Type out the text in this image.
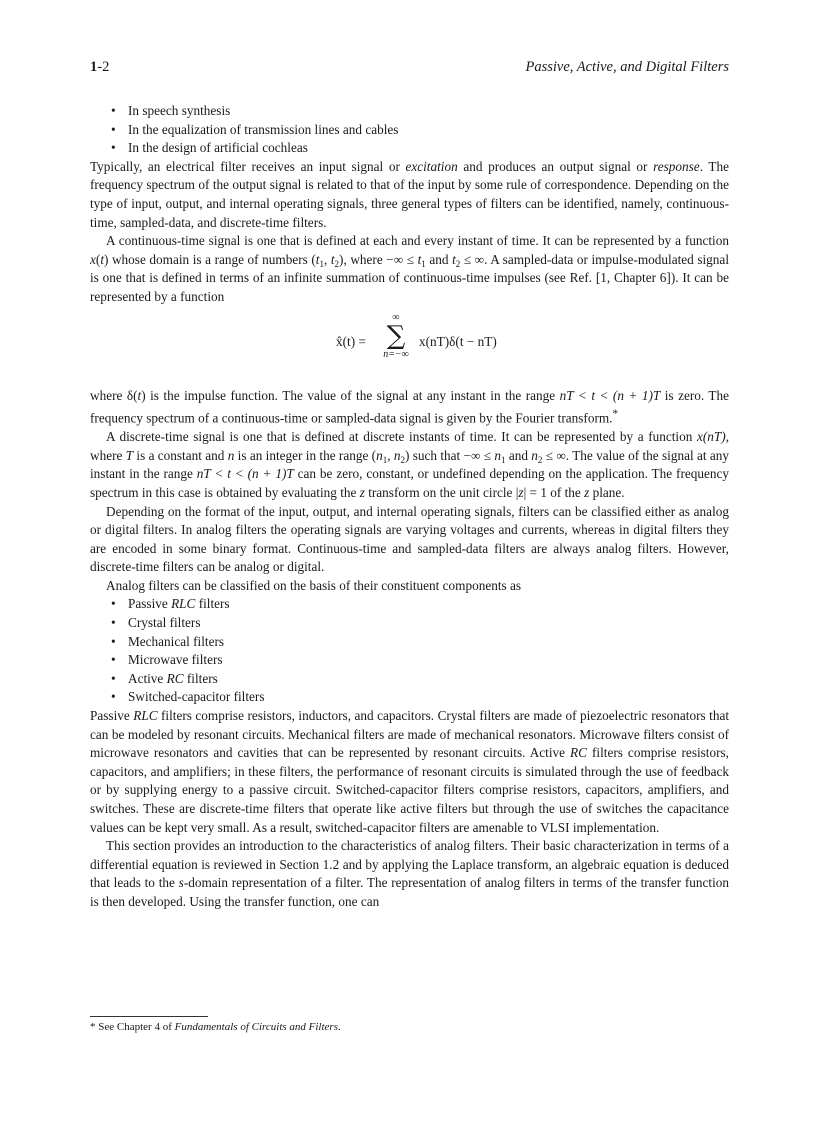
1-2	Passive, Active, and Digital Filters
• In speech synthesis
• In the equalization of transmission lines and cables
• In the design of artificial cochleas

Typically, an electrical filter receives an input signal or excitation and produces an output signal or response. The frequency spectrum of the output signal is related to that of the input by some rule of correspondence. Depending on the type of input, output, and internal operating signals, three general types of filters can be identified, namely, continuous-time, sampled-data, and discrete-time filters.

A continuous-time signal is one that is defined at each and every instant of time. It can be represented by a function x(t) whose domain is a range of numbers ($t_1$, $t_2$), where −∞ ≤ $t_1$ and $t_2$ ≤ ∞. A sampled-data or impulse-modulated signal is one that is defined in terms of an infinite summation of continuous-time impulses (see Ref. [1, Chapter 6]). It can be represented by a function

x̂(t) =
∞
∑
n=−∞
x(nT)δ(t − nT)

where δ(t) is the impulse function. The value of the signal at any instant in the range nT < t < (n + 1)T is zero. The frequency spectrum of a continuous-time or sampled-data signal is given by the Fourier transform.*

A discrete-time signal is one that is defined at discrete instants of time. It can be represented by a function x(nT), where T is a constant and n is an integer in the range ($n_1$, $n_2$) such that −∞ ≤ $n_1$ and $n_2$ ≤ ∞. The value of the signal at any instant in the range nT < t < (n + 1)T can be zero, constant, or undefined depending on the application. The frequency spectrum in this case is obtained by evaluating the z transform on the unit circle |z| = 1 of the z plane.

Depending on the format of the input, output, and internal operating signals, filters can be classified either as analog or digital filters. In analog filters the operating signals are varying voltages and currents, whereas in digital filters they are encoded in some binary format. Continuous-time and sampled-data filters are always analog filters. However, discrete-time filters can be analog or digital.

Analog filters can be classified on the basis of their constituent components as

• Passive RLC filters
• Crystal filters
• Mechanical filters
• Microwave filters
• Active RC filters
• Switched-capacitor filters

Passive RLC filters comprise resistors, inductors, and capacitors. Crystal filters are made of piezoelectric resonators that can be modeled by resonant circuits. Mechanical filters are made of mechanical resonators. Microwave filters consist of microwave resonators and cavities that can be represented by resonant circuits. Active RC filters comprise resistors, capacitors, and amplifiers; in these filters, the performance of resonant circuits is simulated through the use of feedback or by supplying energy to a passive circuit. Switched-capacitor filters comprise resistors, capacitors, amplifiers, and switches. These are discrete-time filters that operate like active filters but through the use of switches the capacitance values can be kept very small. As a result, switched-capacitor filters are amenable to VLSI implementation.

This section provides an introduction to the characteristics of analog filters. Their basic characterization in terms of a differential equation is reviewed in Section 1.2 and by applying the Laplace transform, an algebraic equation is deduced that leads to the s-domain representation of a filter. The representation of analog filters in terms of the transfer function is then developed. Using the transfer function, one can

* See Chapter 4 of Fundamentals of Circuits and Filters.
